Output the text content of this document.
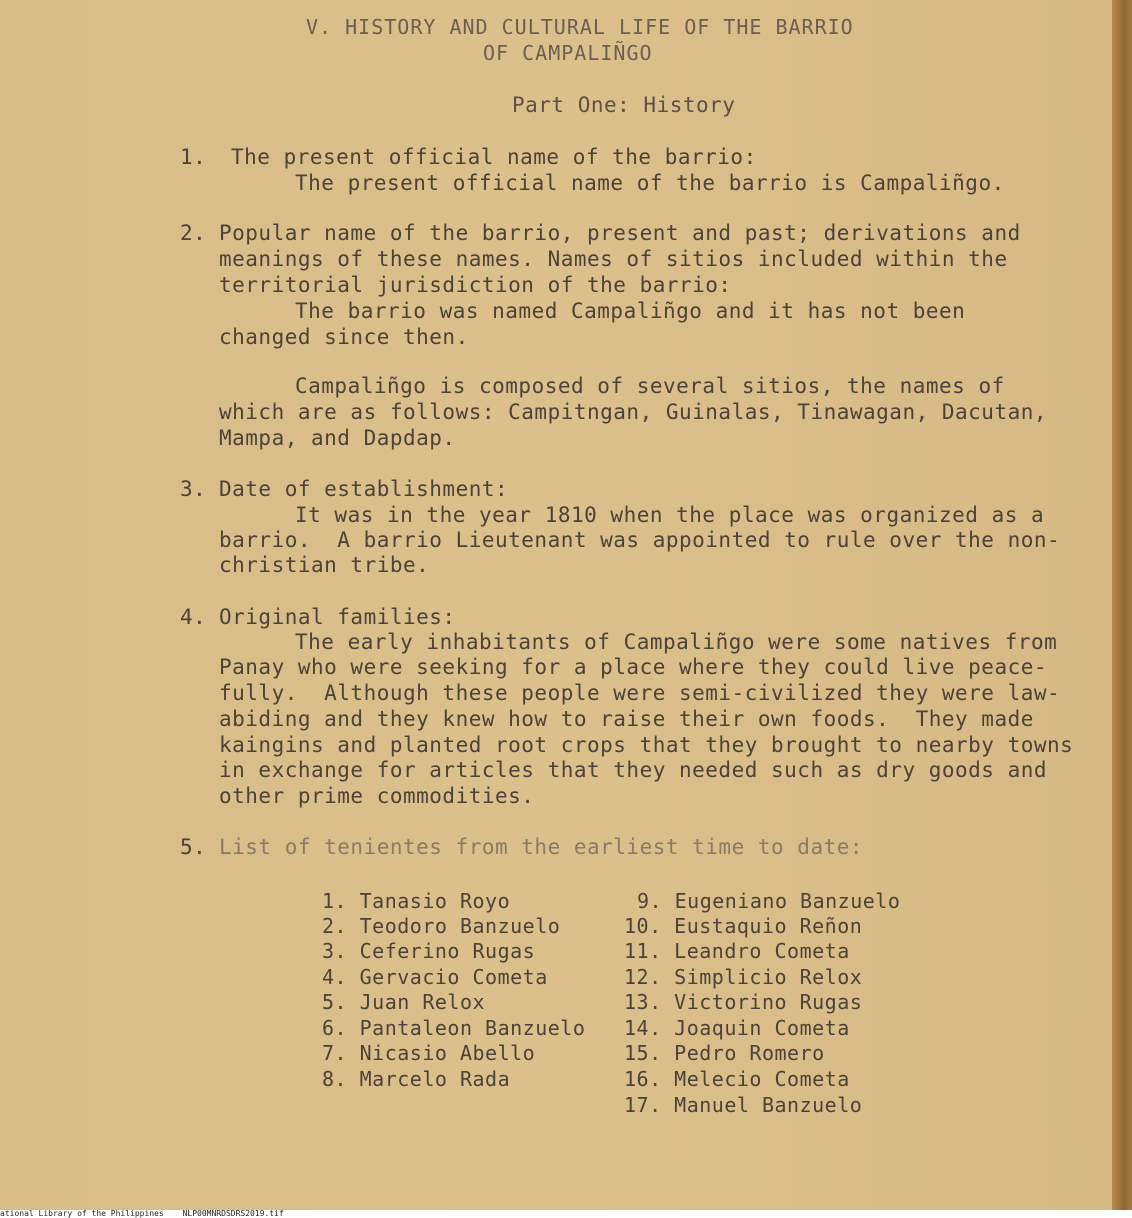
V. HISTORY AND CULTURAL LIFE OF THE BARRIO
OF CAMPALIÑGO
Part One: History
1. The present official name of the barrio:
The present official name of the barrio is Campaliñgo.
2. Popular name of the barrio, present and past; derivations and
meanings of these names. Names of sitios included within the
territorial jurisdiction of the barrio:
The barrio was named Campaliñgo and it has not been
changed since then.
Campaliñgo is composed of several sitios, the names of
which are as follows: Campitngan, Guinalas, Tinawagan, Dacutan,
Mampa, and Dapdap.
3. Date of establishment:
It was in the year 1810 when the place was organized as a
barrio.  A barrio Lieutenant was appointed to rule over the non-
christian tribe.
4. Original families:
The early inhabitants of Campaliñgo were some natives from
Panay who were seeking for a place where they could live peace-
fully.  Although these people were semi-civilized they were law-
abiding and they knew how to raise their own foods.  They made
kaingins and planted root crops that they brought to nearby towns
in exchange for articles that they needed such as dry goods and
other prime commodities.
5. List of tenientes from the earliest time to date:
1. Tanasio Royo
2. Teodoro Banzuelo
3. Ceferino Rugas
4. Gervacio Cometa
5. Juan Relox
6. Pantaleon Banzuelo
7. Nicasio Abello
8. Marcelo Rada
9. Eugeniano Banzuelo
10. Eustaquio Reñon
11. Leandro Cometa
12. Simplicio Relox
13. Victorino Rugas
14. Joaquin Cometa
15. Pedro Romero
16. Melecio Cometa
17. Manuel Banzuelo
ational Library of the Philippines NLP00MNRDSDRS2019.tif
